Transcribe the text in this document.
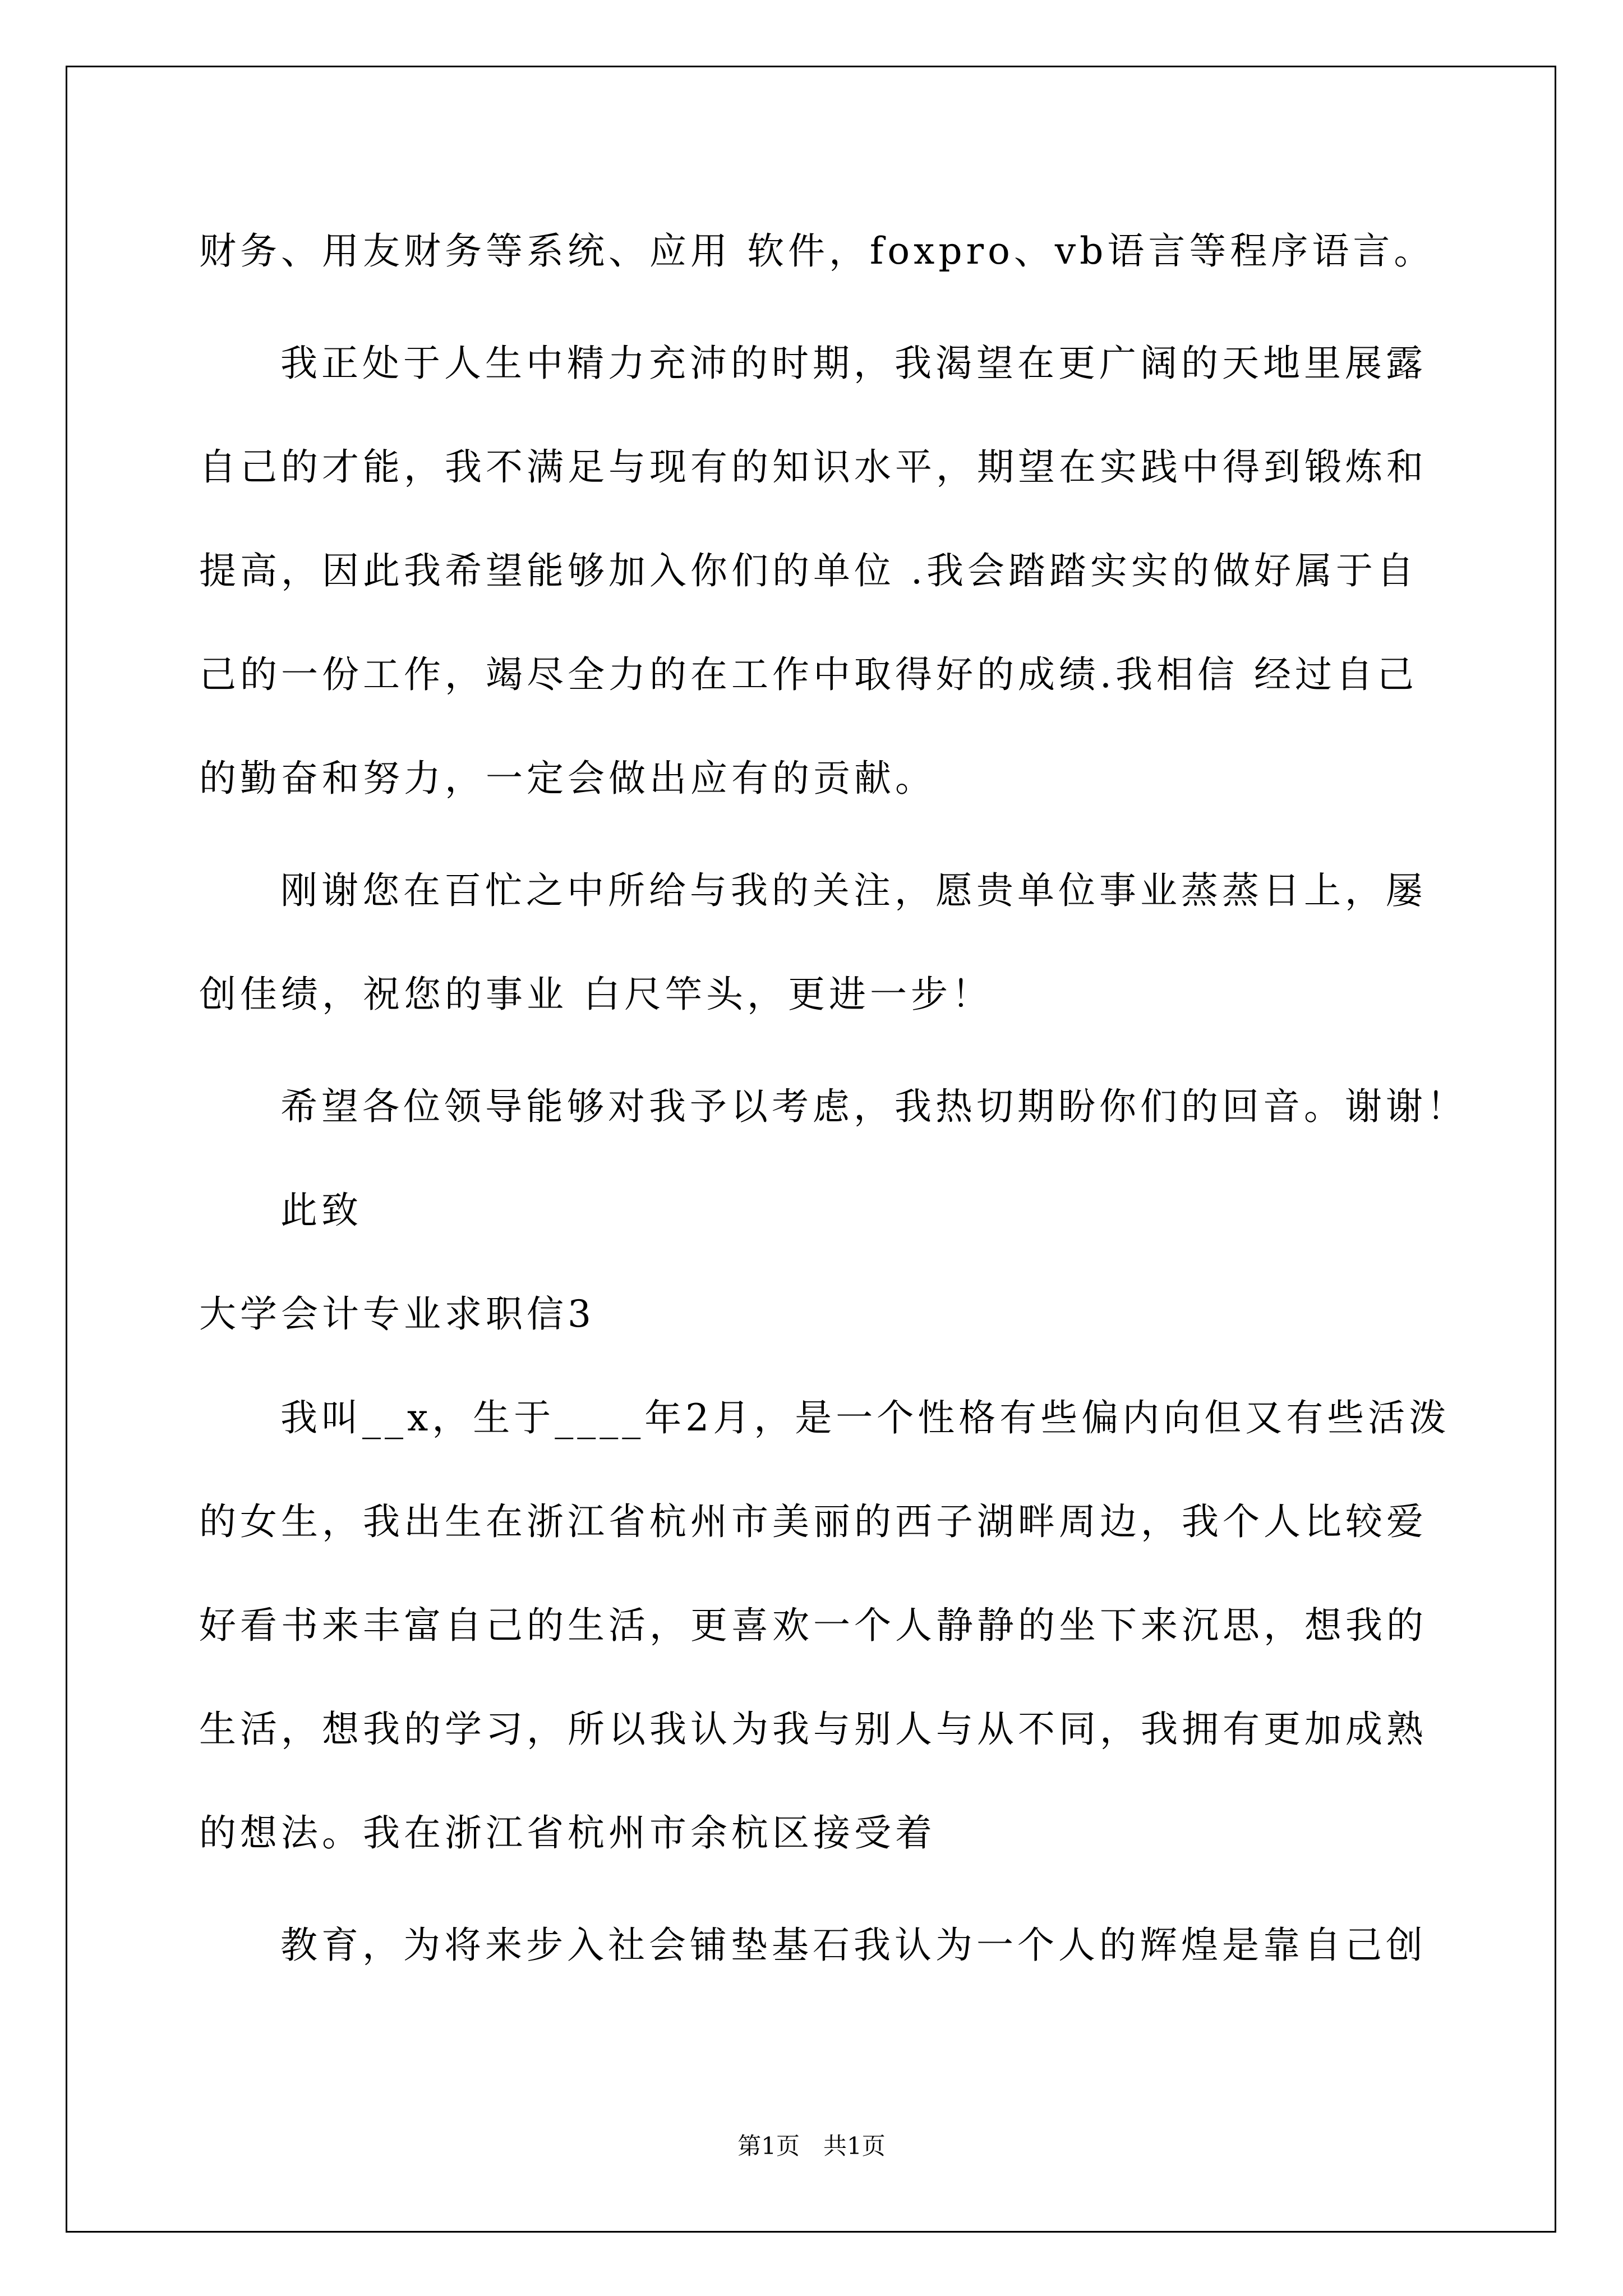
财务、用友财务等系统、应用 软件，foxpro、vb语言等程序语言。

我正处于人生中精力充沛的时期，我渴望在更广阔的天地里展露

自己的才能，我不满足与现有的知识水平，期望在实践中得到锻炼和

提高，因此我希望能够加入你们的单位 .我会踏踏实实的做好属于自

己的一份工作，竭尽全力的在工作中取得好的成绩.我相信 经过自己

的勤奋和努力，一定会做出应有的贡献。

刚谢您在百忙之中所给与我的关注，愿贵单位事业蒸蒸日上，屡

创佳绩，祝您的事业 白尺竿头，更进一步！

希望各位领导能够对我予以考虑，我热切期盼你们的回音。谢谢！

此致

大学会计专业求职信3

我叫__x，生于____年2月，是一个性格有些偏内向但又有些活泼

的女生，我出生在浙江省杭州市美丽的西子湖畔周边，我个人比较爱

好看书来丰富自己的生活，更喜欢一个人静静的坐下来沉思，想我的

生活，想我的学习，所以我认为我与别人与从不同，我拥有更加成熟

的想法。我在浙江省杭州市余杭区接受着

教育，为将来步入社会铺垫基石我认为一个人的辉煌是靠自己创

第1页　共1页
